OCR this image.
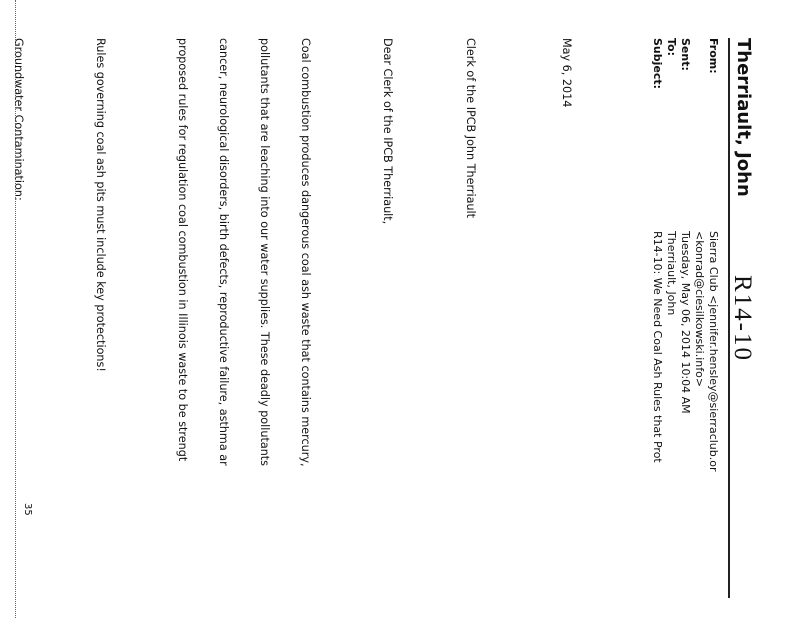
R14-10
Therriault, John
From:
Sierra Club <jennifer.hensley@sierraclub.or
<konrad@ciesilkowski.info>
Sent:
Tuesday, May 06, 2014 10:04 AM
To:
Therriault, John
Subject:
R14-10: We Need Coal Ash Rules that Prot

May 6, 2014

Clerk of the IPCB John Therriault

Dear Clerk of the IPCB Therriault,

Coal combustion produces dangerous coal ash waste that contains mercury,

pollutants that are leaching into our water supplies. These deadly pollutants

cancer, neurological disorders, birth defects, reproductive failure, asthma ar

proposed rules for regulation coal combustion in Illinois waste to be strengt

Rules governing coal ash pits must include key protections!

Groundwater Contamination:

35
